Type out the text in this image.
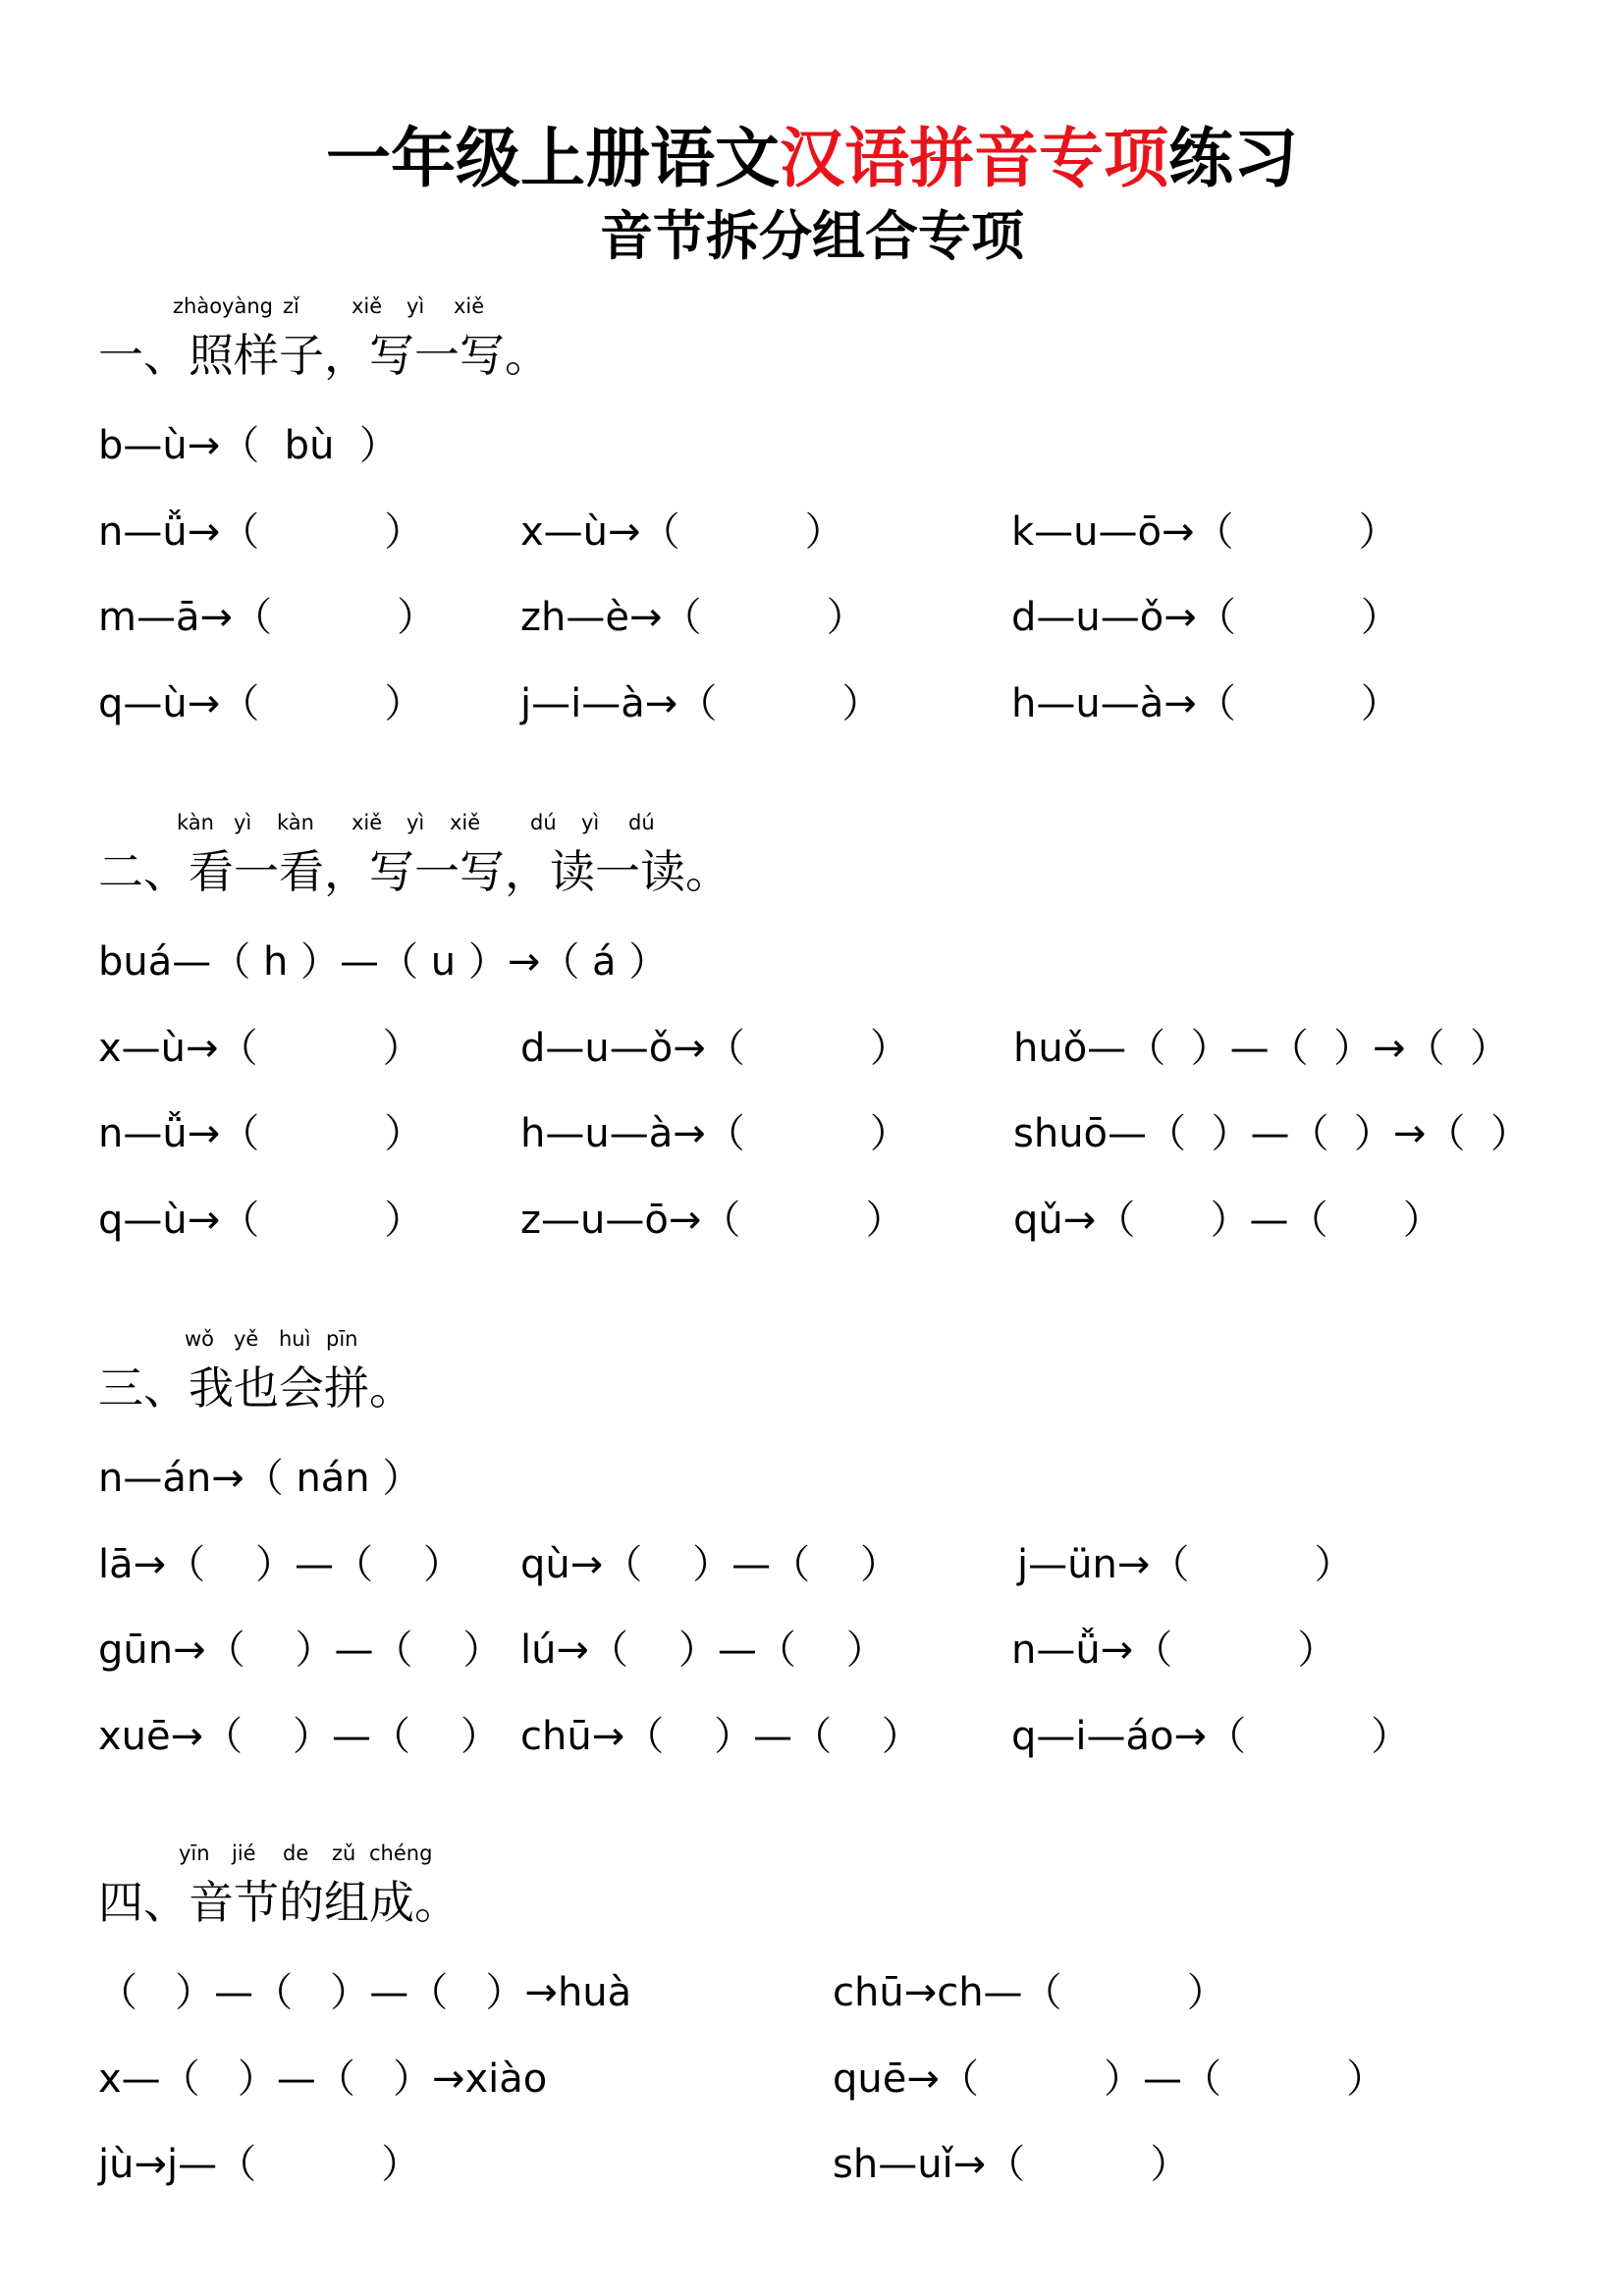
一年级上册语文汉语拼音专项练习
音节拆分组合专项
zhàoyàng zǐ	xiě yì xiě
一、照样子，写一写。
b—ù→（  bù  ）
n—ǚ→（          ） x—ù→（          ）	k—u—ō→（          ）
m—ā→（          ） zh—è→（          ）	d—u—ǒ→（          ）
q—ù→（          ） j—i—à→（          ）	h—u—à→（          ）
kàn yì kàn xiě yì xiě dú yì dú
二、看一看，写一写，读一读。
buá—（ h ）—（ u ）→（ á ）
x—ù→（          ）	d—u—ǒ→（          ）	huǒ—（  ）—（  ）→（  ）
n—ǚ→（          ） h—u—à→（          ）	shuō—（  ）—（  ）→（  ）
q—ù→（          ） z—u—ō→（          ）	qǔ→（      ）—（      ）
wǒ yě huì pīn
三、我也会拼。
n—án→（ nán ）
lā→（    ）—（    ） qù→（    ）—（    ）	j—ün→（          ）
gūn→（    ）—（    ） lú→（    ）—（    ）	n—ǚ→（          ）
xuē→（    ）—（    ） chū→（    ）—（    ） q—i—áo→（          ）
yīn jié de zǔ chéng
四、音节的组成。
（   ）—（   ）—（   ）→huà	chū→ch—（          ）
x—（   ）—（   ）→xiào	quē→（          ）—（          ）
jù→j—（          ）	sh—uǐ→（          ）
